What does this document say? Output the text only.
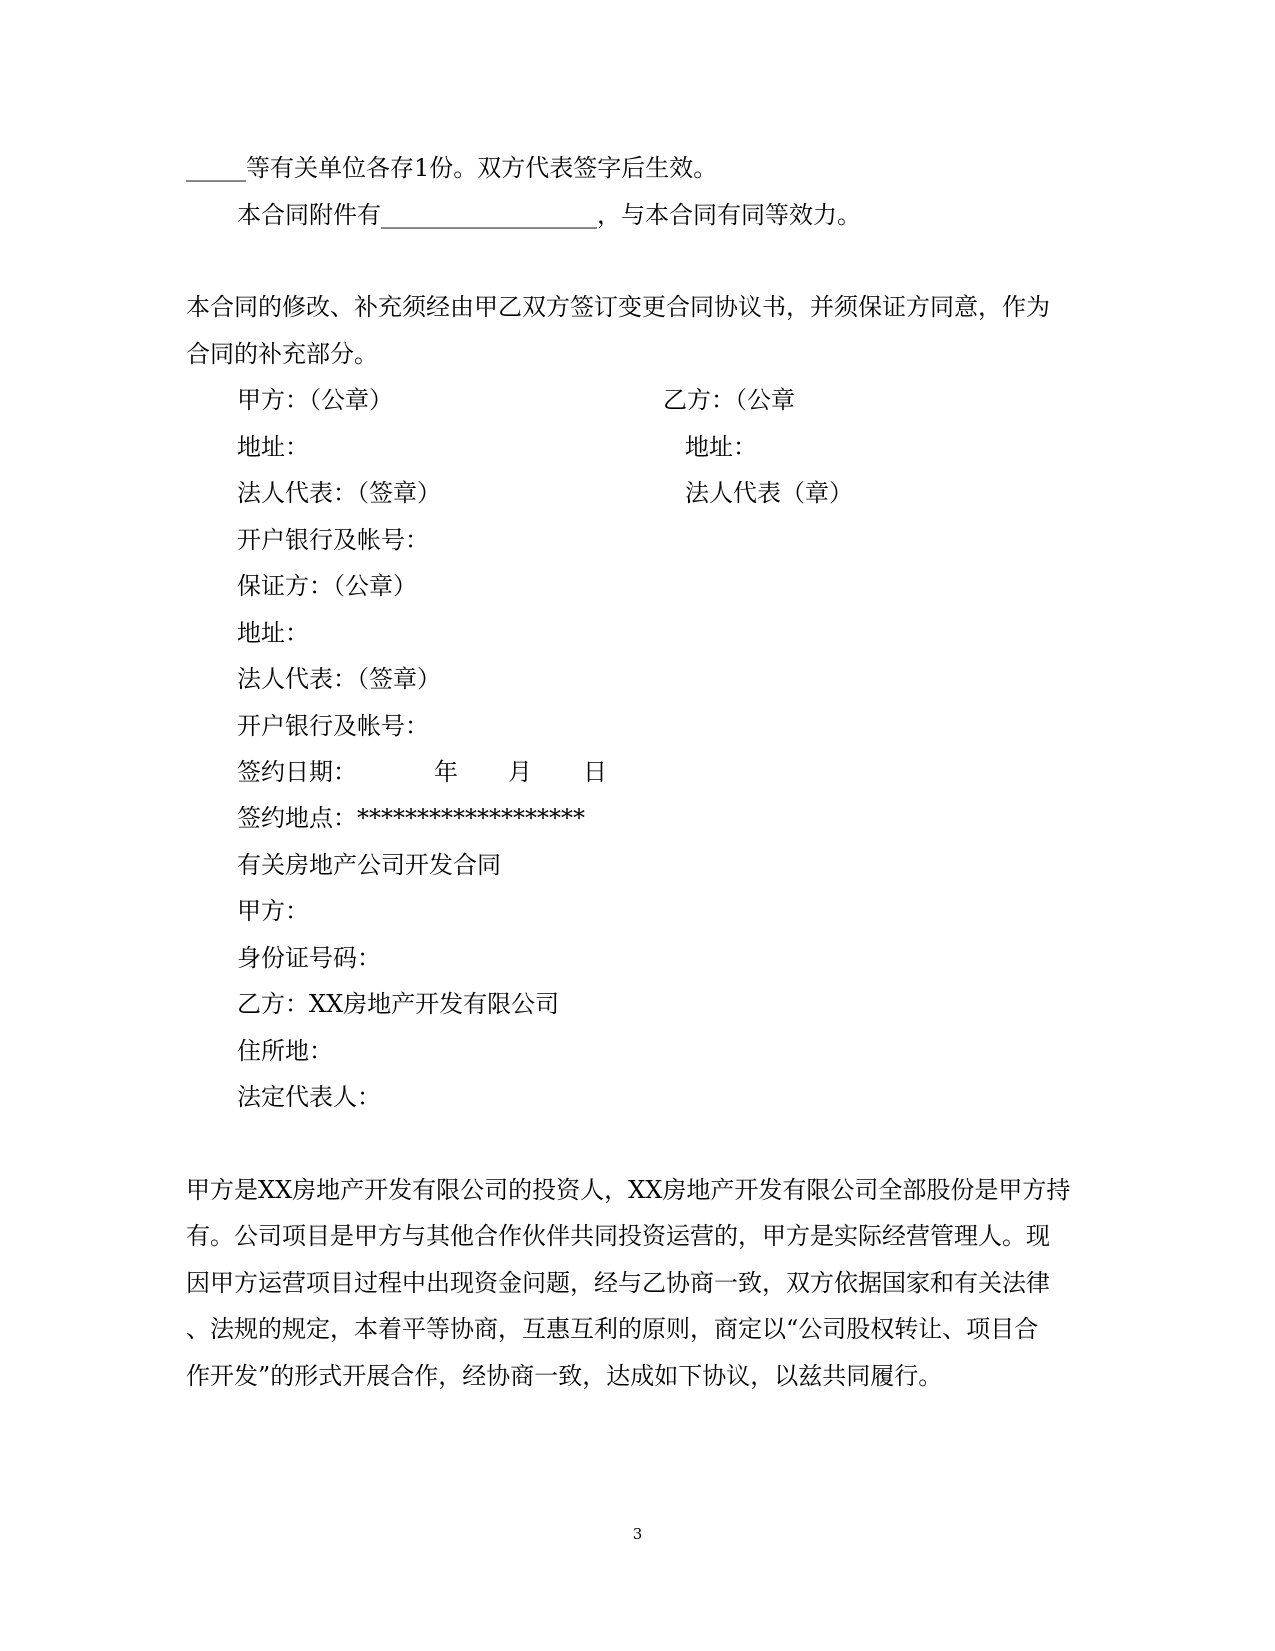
_____等有关单位各存1份。双方代表签字后生效。
本合同附件有__________________，与本合同有同等效力。
本合同的修改、补充须经由甲乙双方签订变更合同协议书，并须保证方同意，作为
合同的补充部分。
甲方：（公章）	乙方：（公章
地址：	地址：
法人代表：（签章）	法人代表（章）
开户银行及帐号：
保证方：（公章）
地址：
法人代表：（签章）
开户银行及帐号：
签约日期：	年 月 日
签约地点：*******************
有关房地产公司开发合同
甲方：
身份证号码：
乙方：XX房地产开发有限公司
住所地：
法定代表人：
甲方是XX房地产开发有限公司的投资人，XX房地产开发有限公司全部股份是甲方持
有。公司项目是甲方与其他合作伙伴共同投资运营的，甲方是实际经营管理人。现
因甲方运营项目过程中出现资金问题，经与乙协商一致，双方依据国家和有关法律
、法规的规定，本着平等协商，互惠互利的原则，商定以“公司股权转让、项目合
作开发”的形式开展合作，经协商一致，达成如下协议，以兹共同履行。
3
